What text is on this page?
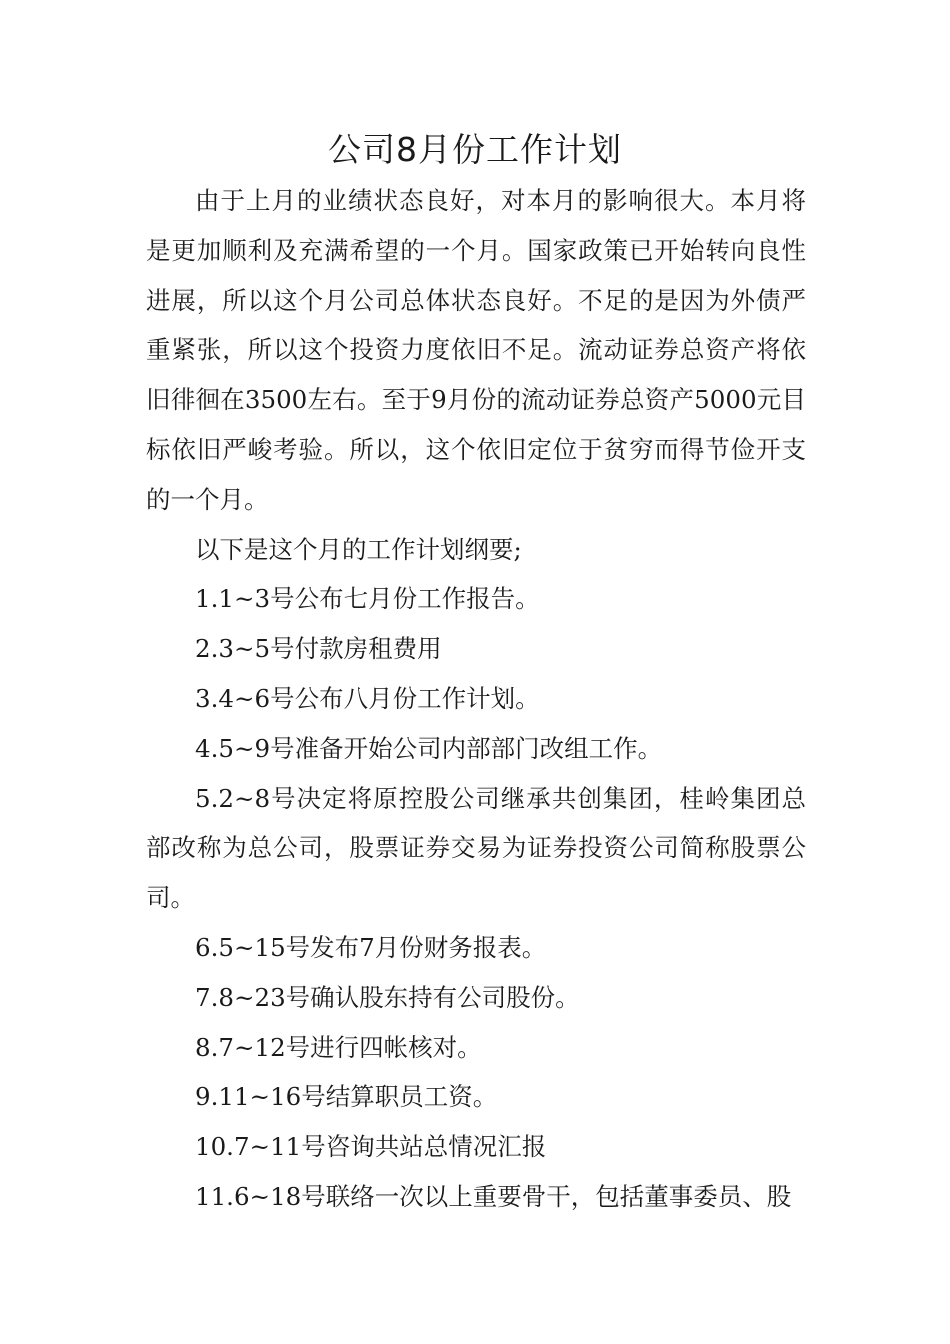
公司8月份工作计划

由于上月的业绩状态良好，对本月的影响很大。本月将是更加顺利及充满希望的一个月。国家政策已开始转向良性进展，所以这个月公司总体状态良好。不足的是因为外债严重紧张，所以这个投资力度依旧不足。流动证券总资产将依旧徘徊在3500左右。至于9月份的流动证券总资产5000元目标依旧严峻考验。所以，这个依旧定位于贫穷而得节俭开支的一个月。

以下是这个月的工作计划纲要;

1.1~3号公布七月份工作报告。

2.3~5号付款房租费用

3.4~6号公布八月份工作计划。

4.5~9号准备开始公司内部部门改组工作。

5.2~8号决定将原控股公司继承共创集团，桂岭集团总部改称为总公司，股票证券交易为证券投资公司简称股票公司。

6.5~15号发布7月份财务报表。

7.8~23号确认股东持有公司股份。

8.7~12号进行四帐核对。

9.11~16号结算职员工资。

10.7~11号咨询共站总情况汇报

11.6~18号联络一次以上重要骨干，包括董事委员、股
